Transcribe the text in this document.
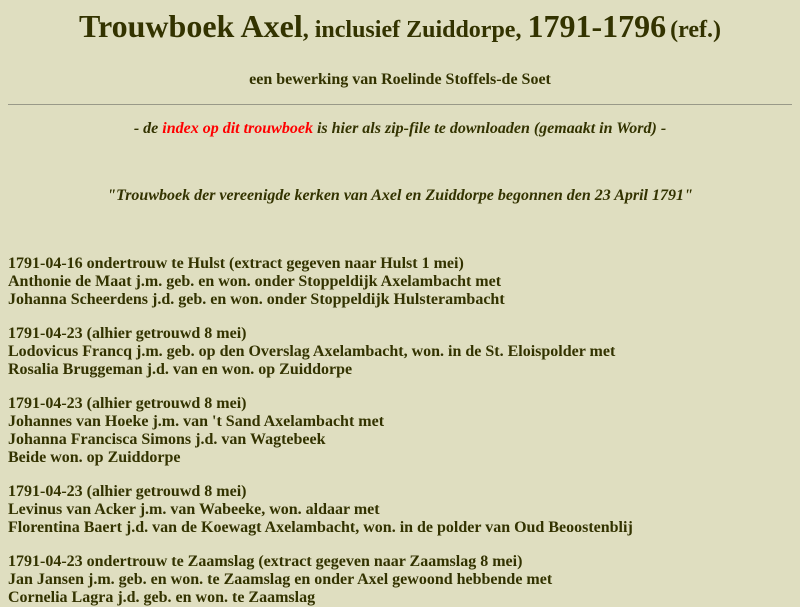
Trouwboek Axel, inclusief Zuiddorpe, 1791-1796 (ref.)
een bewerking van Roelinde Stoffels-de Soet
- de index op dit trouwboek is hier als zip-file te downloaden (gemaakt in Word) -
"Trouwboek der vereenigde kerken van Axel en Zuiddorpe begonnen den 23 April 1791"
1791-04-16 ondertrouw te Hulst (extract gegeven naar Hulst 1 mei)
Anthonie de Maat j.m. geb. en won. onder Stoppeldijk Axelambacht met
Johanna Scheerdens j.d. geb. en won. onder Stoppeldijk Hulsterambacht
1791-04-23 (alhier getrouwd 8 mei)
Lodovicus Francq j.m. geb. op den Overslag Axelambacht, won. in de St. Eloispolder met
Rosalia Bruggeman j.d. van en won. op Zuiddorpe
1791-04-23 (alhier getrouwd 8 mei)
Johannes van Hoeke j.m. van 't Sand Axelambacht met
Johanna Francisca Simons j.d. van Wagtebeek
Beide won. op Zuiddorpe
1791-04-23 (alhier getrouwd 8 mei)
Levinus van Acker j.m. van Wabeeke, won. aldaar met
Florentina Baert j.d. van de Koewagt Axelambacht, won. in de polder van Oud Beoostenblij
1791-04-23 ondertrouw te Zaamslag (extract gegeven naar Zaamslag 8 mei)
Jan Jansen j.m. geb. en won. te Zaamslag en onder Axel gewoond hebbende met
Cornelia Lagra j.d. geb. en won. te Zaamslag
